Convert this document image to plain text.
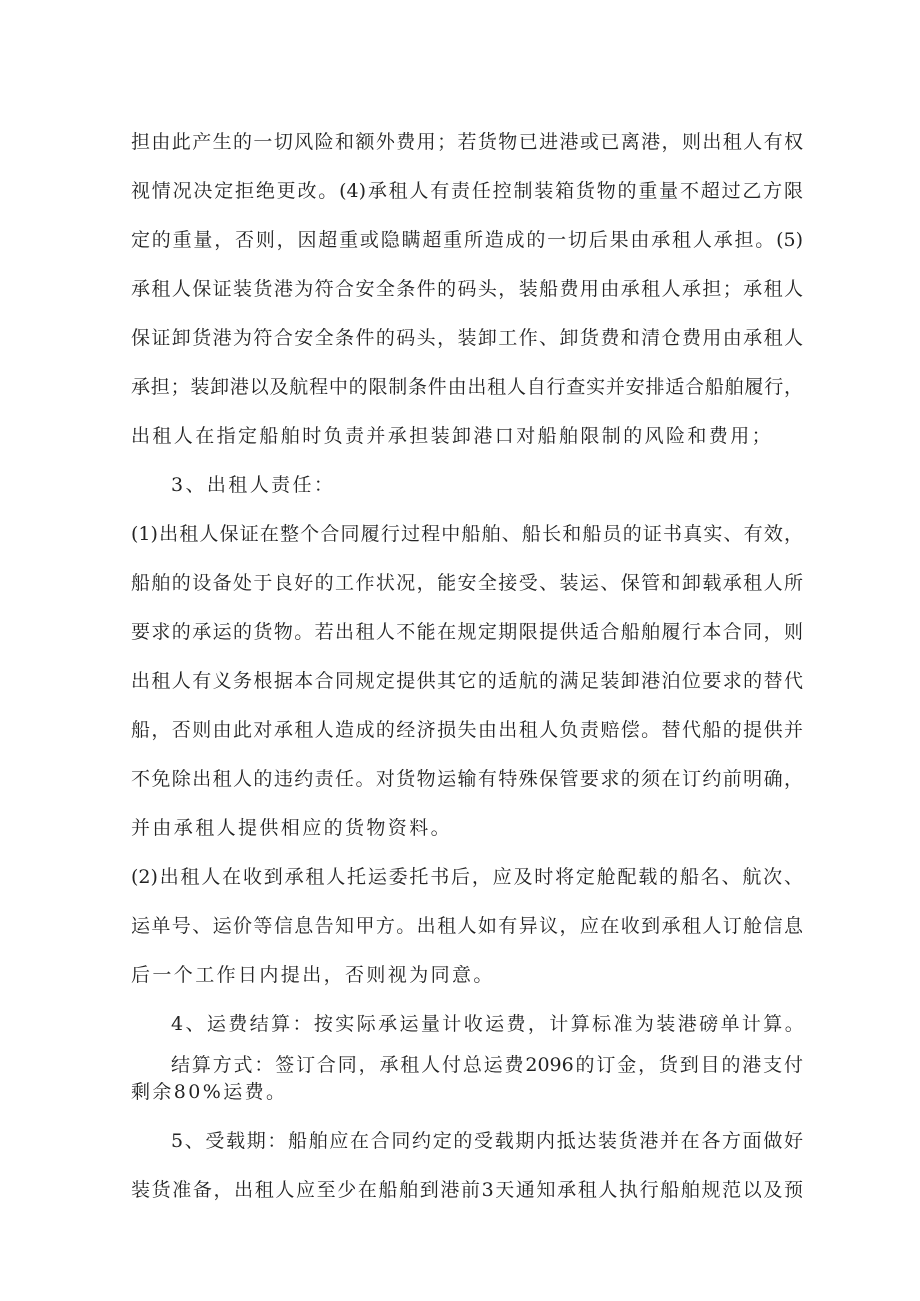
担由此产生的一切风险和额外费用；若货物已进港或已离港，则出租人有权
视情况决定拒绝更改。(4)承租人有责任控制装箱货物的重量不超过乙方限
定的重量，否则，因超重或隐瞒超重所造成的一切后果由承租人承担。(5)
承租人保证装货港为符合安全条件的码头，装船费用由承租人承担；承租人
保证卸货港为符合安全条件的码头，装卸工作、卸货费和清仓费用由承租人
承担；装卸港以及航程中的限制条件由出租人自行查实并安排适合船舶履行，
出租人在指定船舶时负责并承担装卸港口对船舶限制的风险和费用；
3、出租人责任：
(1)出租人保证在整个合同履行过程中船舶、船长和船员的证书真实、有效，
船舶的设备处于良好的工作状况，能安全接受、装运、保管和卸载承租人所
要求的承运的货物。若出租人不能在规定期限提供适合船舶履行本合同，则
出租人有义务根据本合同规定提供其它的适航的满足装卸港泊位要求的替代
船，否则由此对承租人造成的经济损失由出租人负责赔偿。替代船的提供并
不免除出租人的违约责任。对货物运输有特殊保管要求的须在订约前明确，
并由承租人提供相应的货物资料。
(2)出租人在收到承租人托运委托书后，应及时将定舱配载的船名、航次、
运单号、运价等信息告知甲方。出租人如有异议，应在收到承租人订舱信息
后一个工作日内提出，否则视为同意。
4、运费结算：按实际承运量计收运费，计算标准为装港磅单计算。
结算方式：签订合同，承租人付总运费2096的订金，货到目的港支付
剩余80%运费。
5、受载期：船舶应在合同约定的受载期内抵达装货港并在各方面做好
装货准备，出租人应至少在船舶到港前3天通知承租人执行船舶规范以及预
